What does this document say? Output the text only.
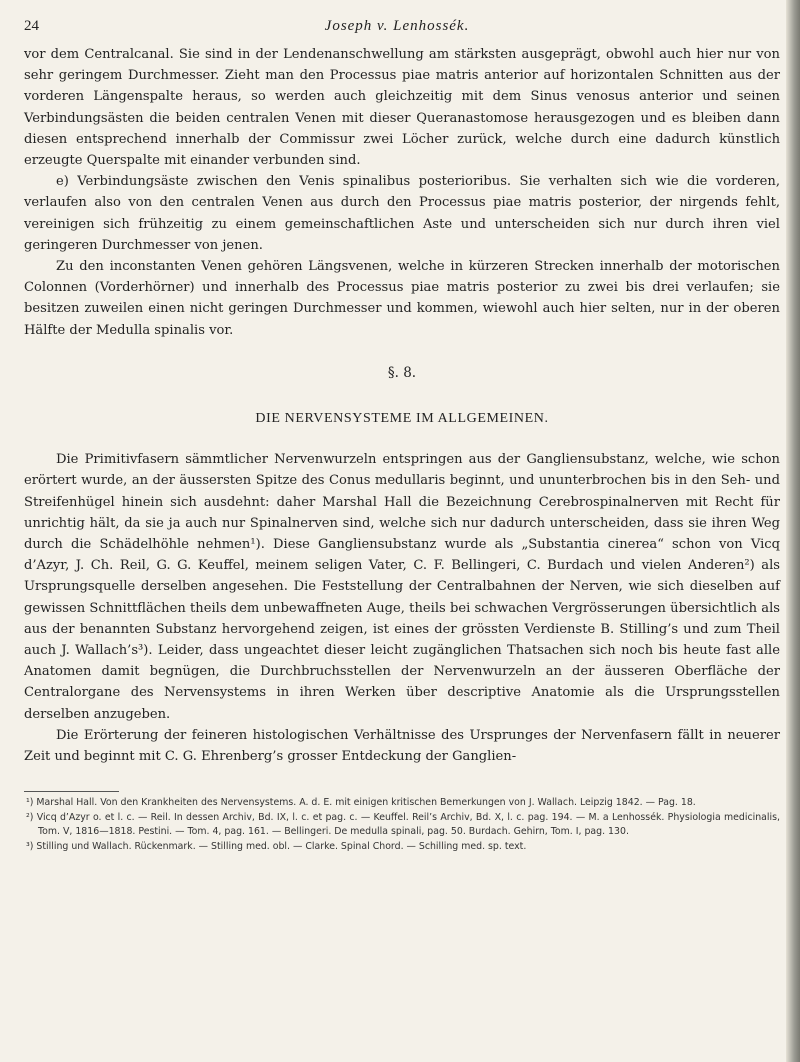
24	Joseph v. Lenhossék.

vor dem Centralcanal. Sie sind in der Lendenanschwellung am stärksten ausgeprägt, obwohl auch hier nur von sehr geringem Durchmesser. Zieht man den Processus piae matris anterior auf horizontalen Schnitten aus der vorderen Längenspalte heraus, so werden auch gleichzeitig mit dem Sinus venosus anterior und seinen Verbindungsästen die beiden centralen Venen mit dieser Queranastomose herausgezogen und es bleiben dann diesen entsprechend innerhalb der Commissur zwei Löcher zurück, welche durch eine dadurch künstlich erzeugte Querspalte mit einander verbunden sind.

e) Verbindungsäste zwischen den Venis spinalibus posterioribus. Sie verhalten sich wie die vorderen, verlaufen also von den centralen Venen aus durch den Processus piae matris posterior, der nirgends fehlt, vereinigen sich frühzeitig zu einem gemeinschaftlichen Aste und unterscheiden sich nur durch ihren viel geringeren Durchmesser von jenen.

Zu den inconstanten Venen gehören Längsvenen, welche in kürzeren Strecken innerhalb der motorischen Colonnen (Vorderhörner) und innerhalb des Processus piae matris posterior zu zwei bis drei verlaufen; sie besitzen zuweilen einen nicht geringen Durchmesser und kommen, wiewohl auch hier selten, nur in der oberen Hälfte der Medulla spinalis vor.

§. 8.
DIE NERVENSYSTEME IM ALLGEMEINEN.

Die Primitivfasern sämmtlicher Nervenwurzeln entspringen aus der Gangliensubstanz, welche, wie schon erörtert wurde, an der äussersten Spitze des Conus medullaris beginnt, und ununterbrochen bis in den Seh- und Streifenhügel hinein sich ausdehnt: daher Marshal Hall die Bezeichnung Cerebrospinalnerven mit Recht für unrichtig hält, da sie ja auch nur Spinalnerven sind, welche sich nur dadurch unterscheiden, dass sie ihren Weg durch die Schädelhöhle nehmen¹). Diese Gangliensubstanz wurde als „Substantia cinerea“ schon von Vicq d’Azyr, J. Ch. Reil, G. G. Keuffel, meinem seligen Vater, C. F. Bellingeri, C. Burdach und vielen Anderen²) als Ursprungsquelle derselben angesehen. Die Feststellung der Centralbahnen der Nerven, wie sich dieselben auf gewissen Schnittflächen theils dem unbewaffneten Auge, theils bei schwachen Vergrösserungen übersichtlich als aus der benannten Substanz hervorgehend zeigen, ist eines der grössten Verdienste B. Stilling’s und zum Theil auch J. Wallach’s³). Leider, dass ungeachtet dieser leicht zugänglichen Thatsachen sich noch bis heute fast alle Anatomen damit begnügen, die Durchbruchsstellen der Nervenwurzeln an der äusseren Oberfläche der Centralorgane des Nervensystems in ihren Werken über descriptive Anatomie als die Ursprungsstellen derselben anzugeben.

Die Erörterung der feineren histologischen Verhältnisse des Ursprunges der Nervenfasern fällt in neuerer Zeit und beginnt mit C. G. Ehrenberg’s grosser Entdeckung der Ganglien-

¹) Marshal Hall. Von den Krankheiten des Nervensystems. A. d. E. mit einigen kritischen Bemerkungen von J. Wallach. Leipzig 1842. — Pag. 18.

²) Vicq d’Azyr o. et l. c. — Reil. In dessen Archiv, Bd. IX, l. c. et pag. c. — Keuffel. Reil’s Archiv, Bd. X, l. c. pag. 194. — M. a Lenhossék. Physiologia medicinalis, Tom. V, 1816—1818. Pestini. — Tom. 4, pag. 161. — Bellingeri. De medulla spinali, pag. 50. Burdach. Gehirn, Tom. I, pag. 130.

³) Stilling und Wallach. Rückenmark. — Stilling med. obl. — Clarke. Spinal Chord. — Schilling med. sp. text.
